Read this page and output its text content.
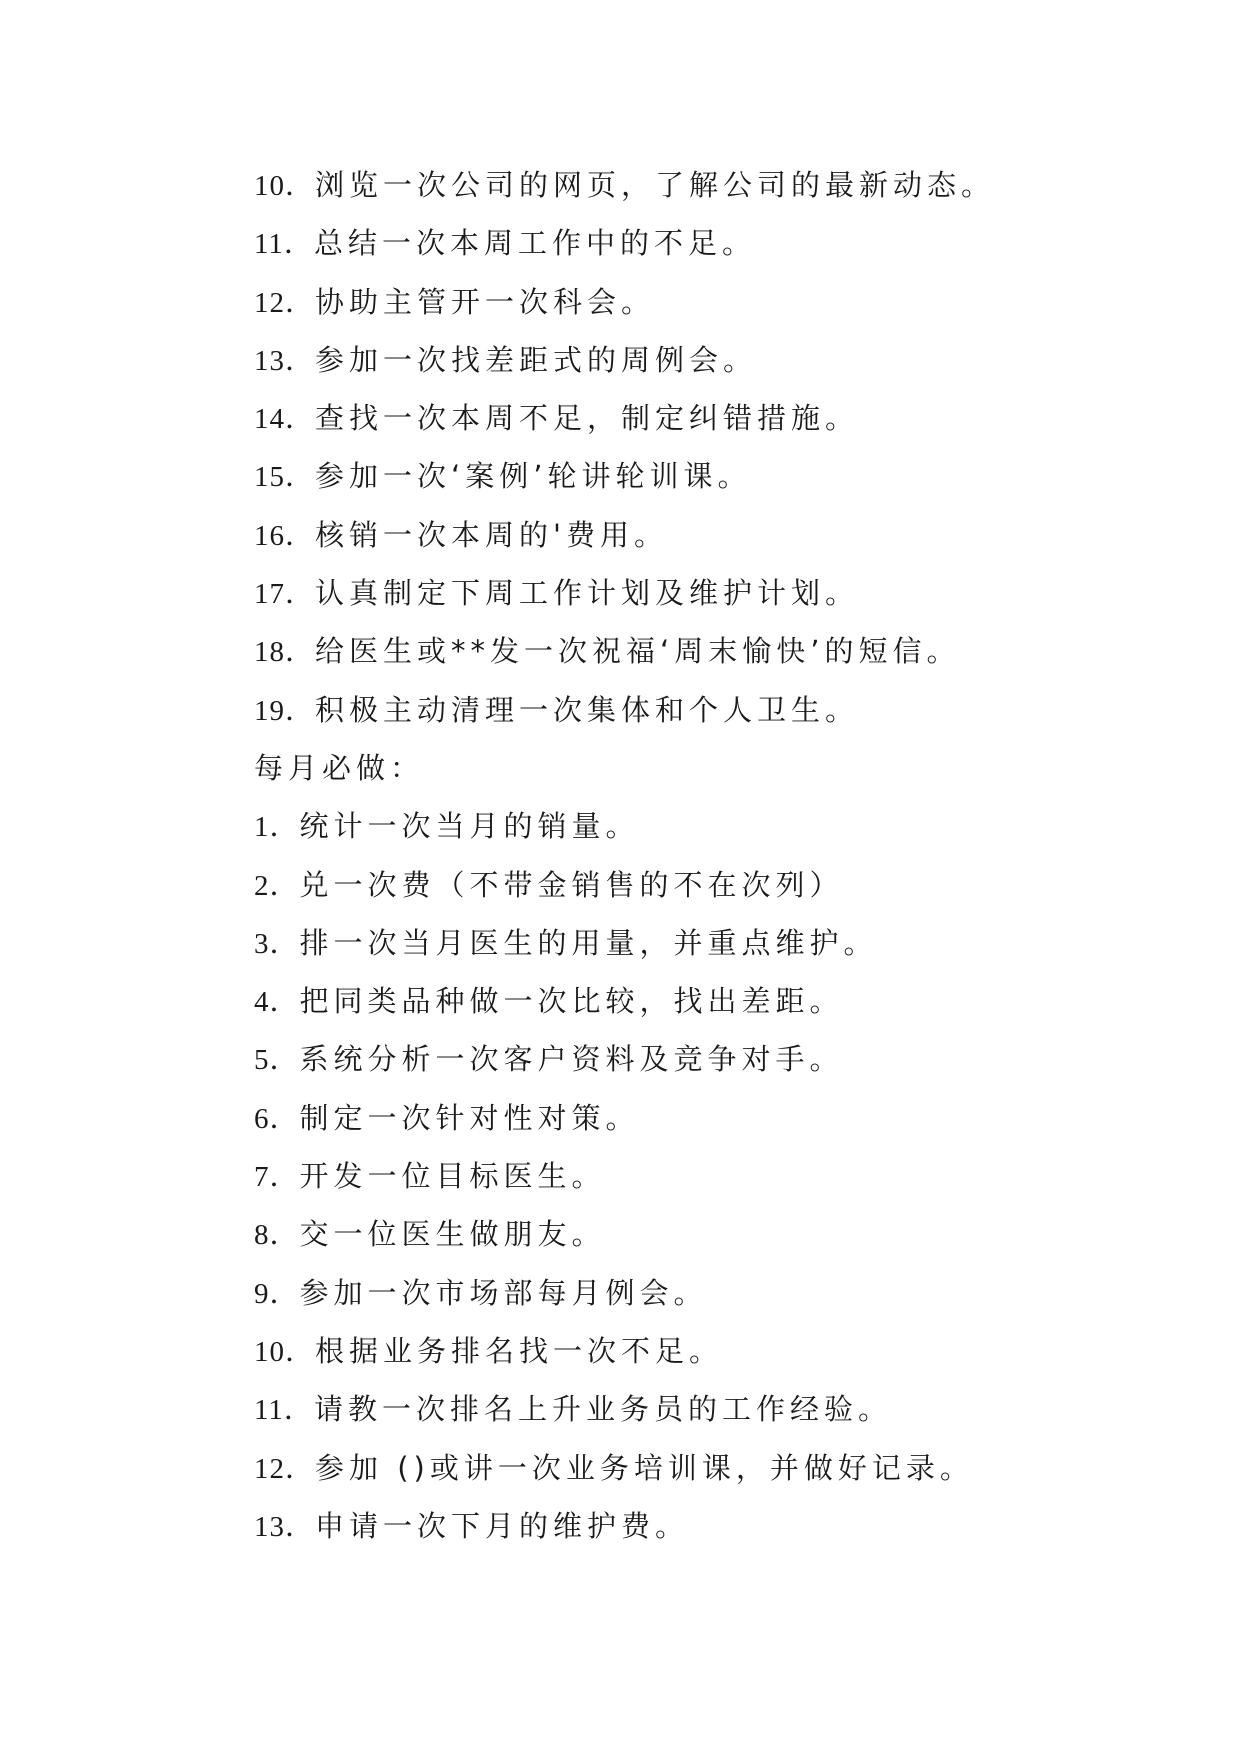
10．浏览一次公司的网页，了解公司的最新动态。
11．总结一次本周工作中的不足。
12．协助主管开一次科会。
13．参加一次找差距式的周例会。
14．查找一次本周不足，制定纠错措施。
15．参加一次‘案例’轮讲轮训课。
16．核销一次本周的'费用。
17．认真制定下周工作计划及维护计划。
18．给医生或**发一次祝福‘周末愉快’的短信。
19．积极主动清理一次集体和个人卫生。
每月必做：
1．统计一次当月的销量。
2．兑一次费（不带金销售的不在次列）
3．排一次当月医生的用量，并重点维护。
4．把同类品种做一次比较，找出差距。
5．系统分析一次客户资料及竞争对手。
6．制定一次针对性对策。
7．开发一位目标医生。
8．交一位医生做朋友。
9．参加一次市场部每月例会。
10．根据业务排名找一次不足。
11．请教一次排名上升业务员的工作经验。
12．参加 ()或讲一次业务培训课，并做好记录。
13．申请一次下月的维护费。
